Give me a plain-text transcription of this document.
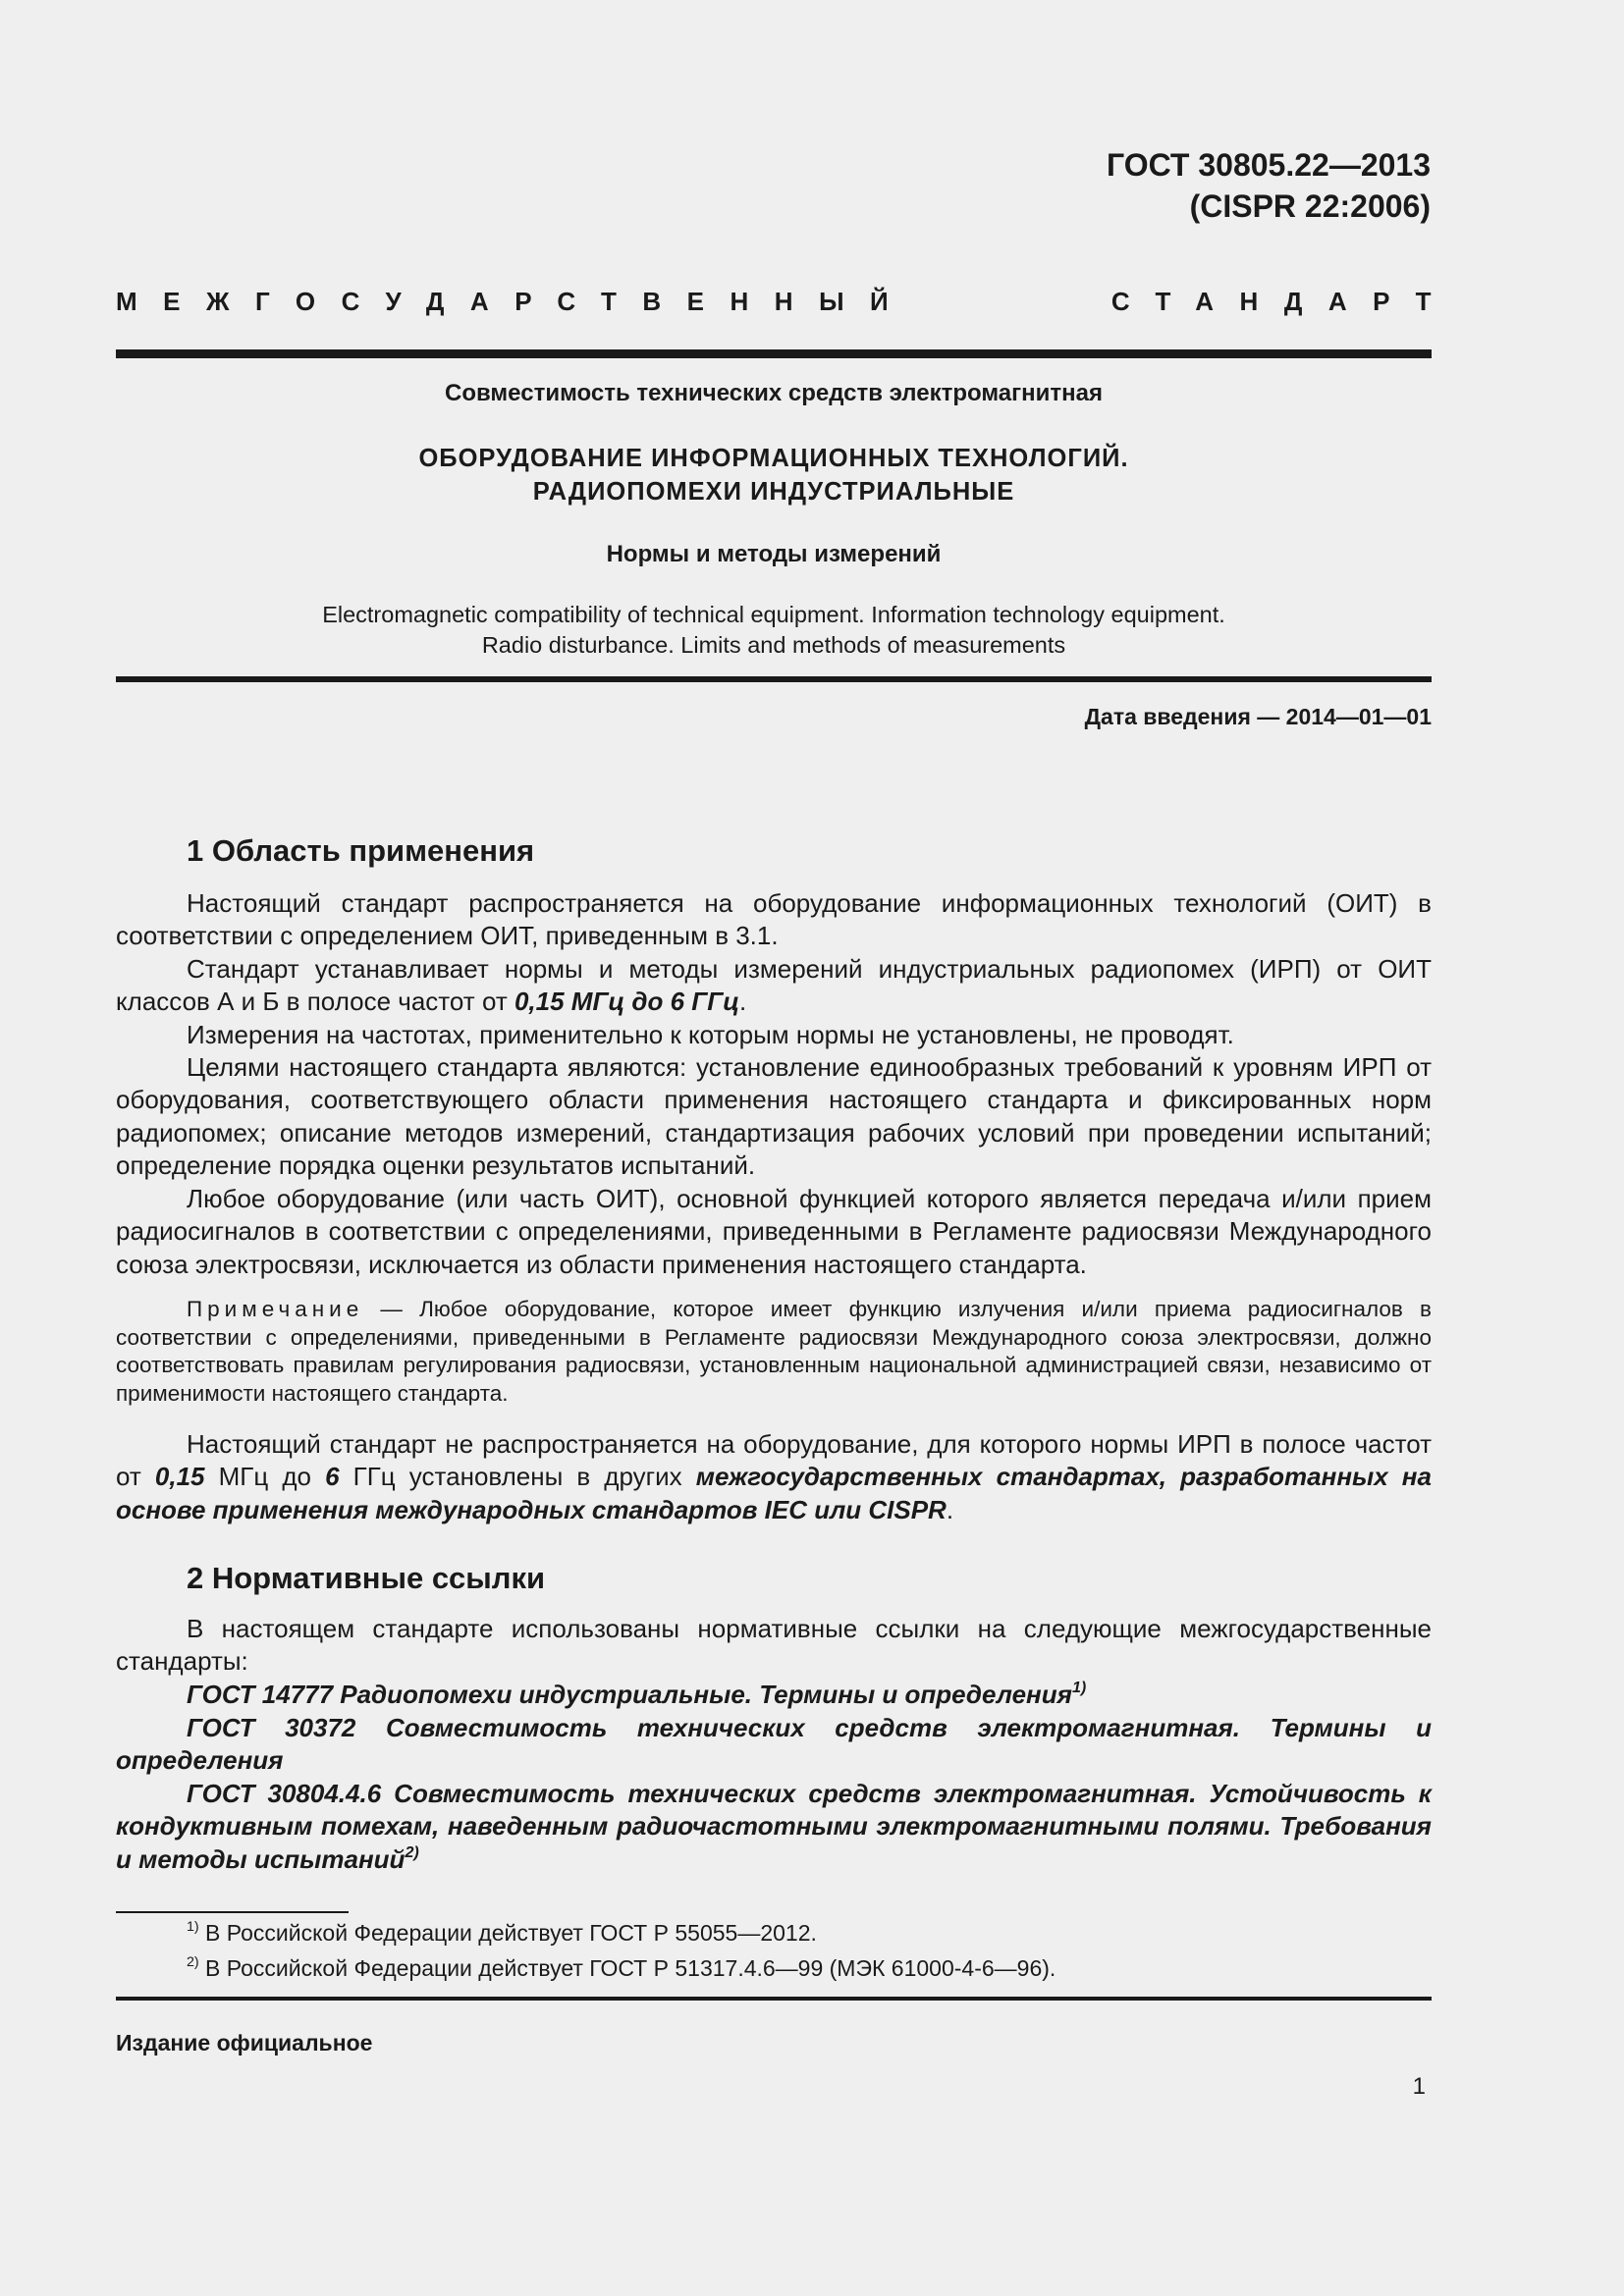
ГОСТ 30805.22—2013
(CISPR 22:2006)
МЕЖГОСУДАРСТВЕННЫЙ	СТАНДАРТ
Совместимость технических средств электромагнитная
ОБОРУДОВАНИЕ ИНФОРМАЦИОННЫХ ТЕХНОЛОГИЙ.
РАДИОПОМЕХИ ИНДУСТРИАЛЬНЫЕ
Нормы и методы измерений
Electromagnetic compatibility of technical equipment. Information technology equipment.
Radio disturbance. Limits and methods of measurements
Дата введения — 2014—01—01
1 Область применения

Настоящий стандарт распространяется на оборудование информационных технологий (ОИТ) в соответствии с определением ОИТ, приведенным в 3.1.

Стандарт устанавливает нормы и методы измерений индустриальных радиопомех (ИРП) от ОИТ классов А и Б в полосе частот от 0,15 МГц до 6 ГГц.

Измерения на частотах, применительно к которым нормы не установлены, не проводят.

Целями настоящего стандарта являются: установление единообразных требований к уровням ИРП от оборудования, соответствующего области применения настоящего стандарта и фиксированных норм радиопомех; описание методов измерений, стандартизация рабочих условий при проведении испытаний; определение порядка оценки результатов испытаний.

Любое оборудование (или часть ОИТ), основной функцией которого является передача и/или прием радиосигналов в соответствии с определениями, приведенными в Регламенте радиосвязи Международного союза электросвязи, исключается из области применения настоящего стандарта.

Примечание — Любое оборудование, которое имеет функцию излучения и/или приема радиосигналов в соответствии с определениями, приведенными в Регламенте радиосвязи Международного союза электросвязи, должно соответствовать правилам регулирования радиосвязи, установленным национальной администрацией связи, независимо от применимости настоящего стандарта.

Настоящий стандарт не распространяется на оборудование, для которого нормы ИРП в полосе частот от 0,15 МГц до 6 ГГц установлены в других межгосударственных стандартах, разработанных на основе применения международных стандартов IEC или CISPR.

2 Нормативные ссылки

В настоящем стандарте использованы нормативные ссылки на следующие межгосударственные стандарты:

ГОСТ 14777 Радиопомехи индустриальные. Термины и определения$^{1)}$

ГОСТ 30372 Совместимость технических средств электромагнитная. Термины и определения

ГОСТ 30804.4.6 Совместимость технических средств электромагнитная. Устойчивость к кондуктивным помехам, наведенным радиочастотными электромагнитными полями. Требования и методы испытаний$^{2)}$

$^{1)}$ В Российской Федерации действует ГОСТ Р 55055—2012.
$^{2)}$ В Российской Федерации действует ГОСТ Р 51317.4.6—99 (МЭК 61000-4-6—96).
Издание официальное
1
